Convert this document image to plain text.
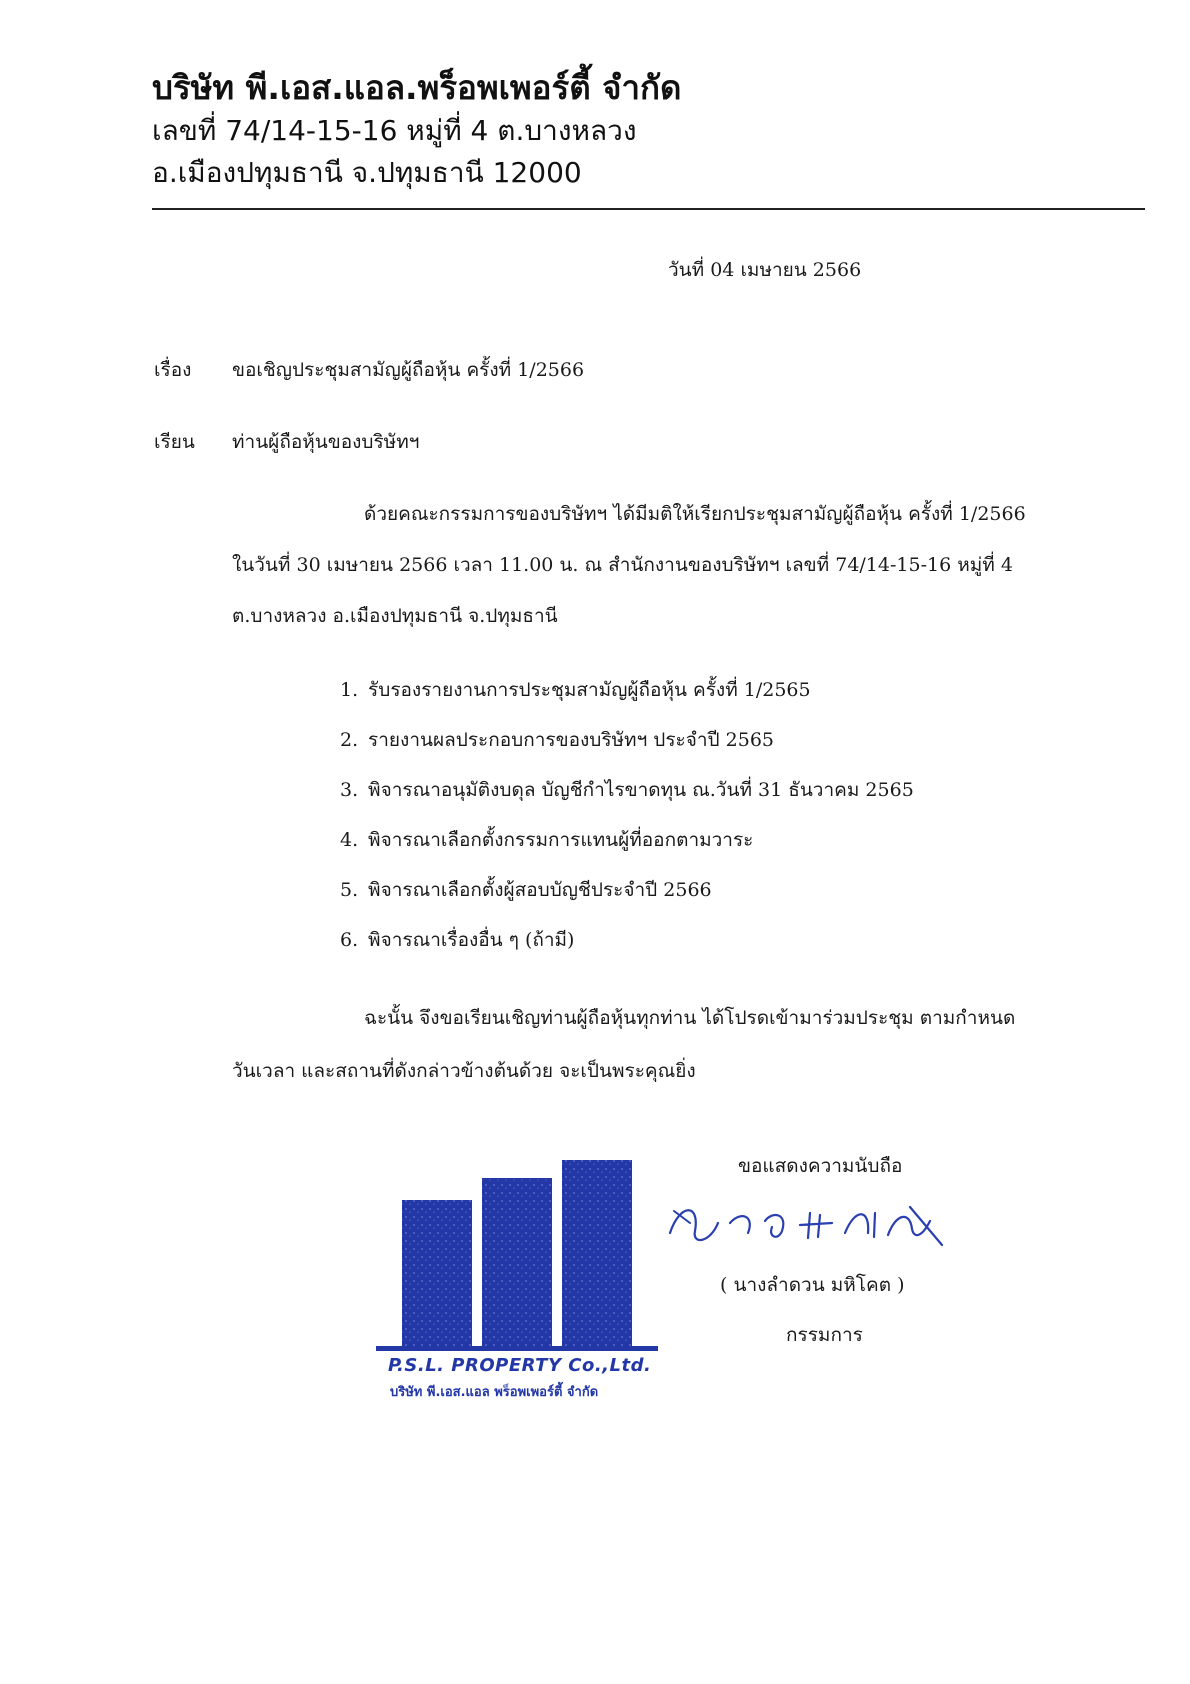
บริษัท พี.เอส.แอล.พร็อพเพอร์ตี้ จำกัด
เลขที่ 74/14-15-16 หมู่ที่ 4 ต.บางหลวง
อ.เมืองปทุมธานี จ.ปทุมธานี 12000
วันที่ 04 เมษายน 2566
เรื่อง ขอเชิญประชุมสามัญผู้ถือหุ้น ครั้งที่ 1/2566
เรียน ท่านผู้ถือหุ้นของบริษัทฯ
ด้วยคณะกรรมการของบริษัทฯ ได้มีมติให้เรียกประชุมสามัญผู้ถือหุ้น ครั้งที่ 1/2566
ในวันที่ 30 เมษายน 2566 เวลา 11.00 น. ณ สำนักงานของบริษัทฯ เลขที่ 74/14-15-16 หมู่ที่ 4
ต.บางหลวง อ.เมืองปทุมธานี จ.ปทุมธานี
1. รับรองรายงานการประชุมสามัญผู้ถือหุ้น ครั้งที่ 1/2565
2. รายงานผลประกอบการของบริษัทฯ ประจำปี 2565
3. พิจารณาอนุมัติงบดุล บัญชีกำไรขาดทุน ณ.วันที่ 31 ธันวาคม 2565
4. พิจารณาเลือกตั้งกรรมการแทนผู้ที่ออกตามวาระ
5. พิจารณาเลือกตั้งผู้สอบบัญชีประจำปี 2566
6. พิจารณาเรื่องอื่น ๆ (ถ้ามี)
ฉะนั้น จึงขอเรียนเชิญท่านผู้ถือหุ้นทุกท่าน ได้โปรดเข้ามาร่วมประชุม ตามกำหนด
วันเวลา และสถานที่ดังกล่าวข้างต้นด้วย จะเป็นพระคุณยิ่ง
P.S.L. PROPERTY Co.,Ltd.
บริษัท พี.เอส.แอล พร็อพเพอร์ตี้ จำกัด
ขอแสดงความนับถือ
( นางลำดวน มหิโคต )
กรรมการ
